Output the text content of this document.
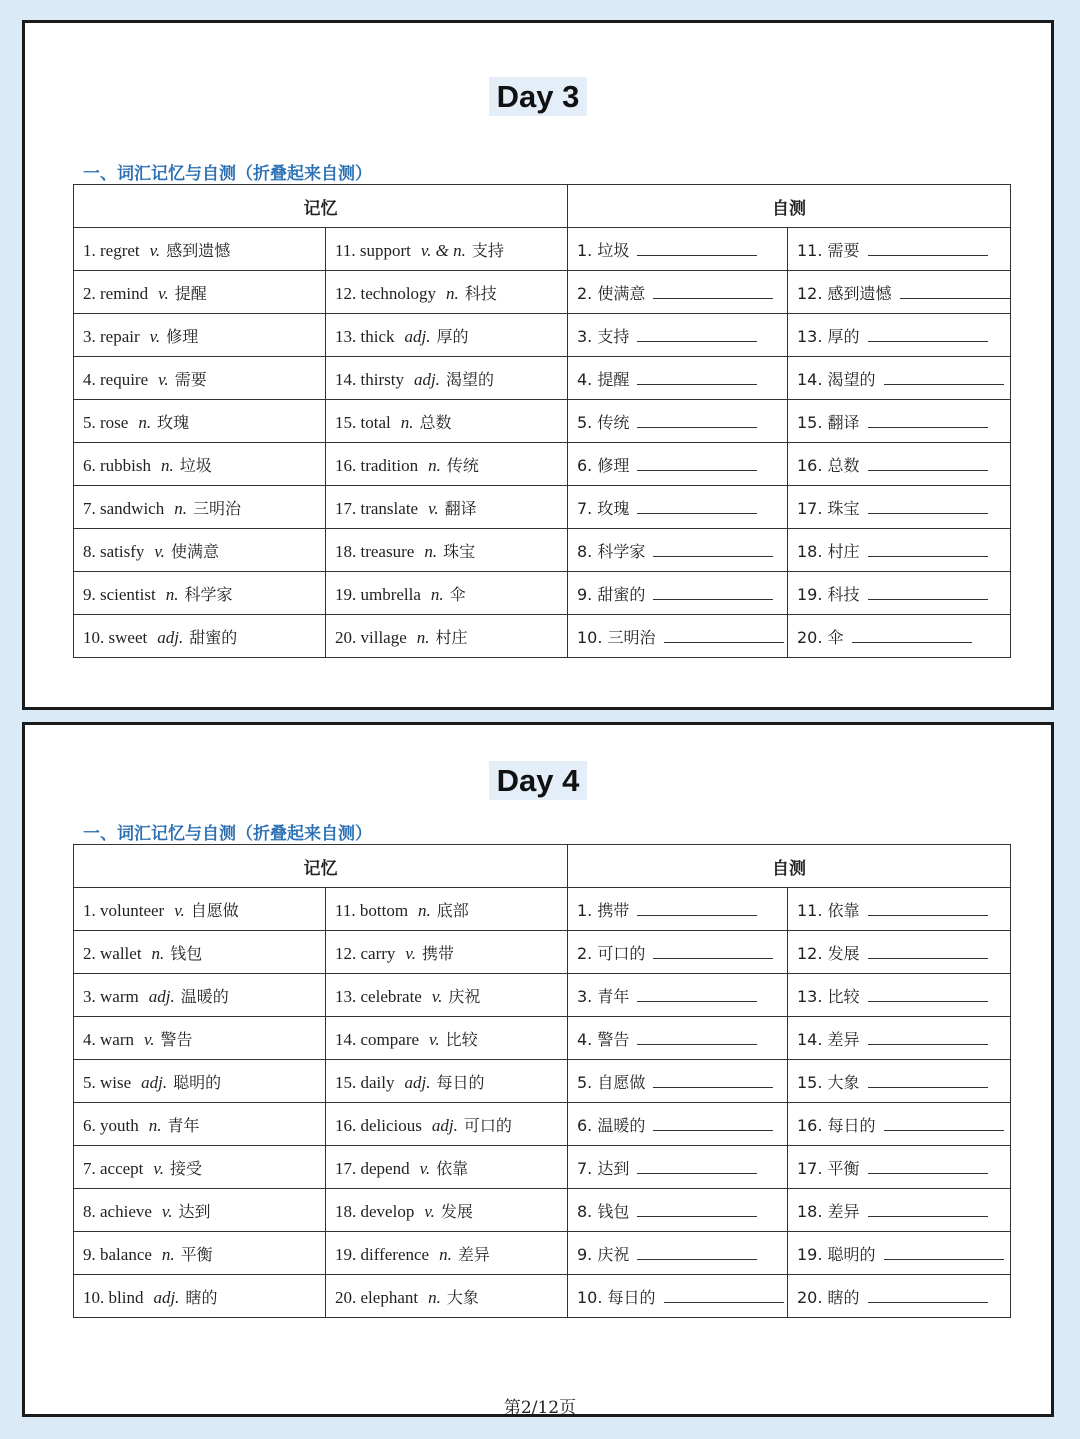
Day 3
一、词汇记忆与自测（折叠起来自测）
记忆		自测	
1. regret v. 感到遗憾	11. support v. & n. 支持	1. 垃圾	11. 需要
2. remind v. 提醒	12. technology n. 科技	2. 使满意	12. 感到遗憾
3. repair v. 修理	13. thick adj. 厚的	3. 支持	13. 厚的
4. require v. 需要	14. thirsty adj. 渴望的	4. 提醒	14. 渴望的
5. rose n. 玫瑰	15. total n. 总数	5. 传统	15. 翻译
6. rubbish n. 垃圾	16. tradition n. 传统	6. 修理	16. 总数
7. sandwich n. 三明治	17. translate v. 翻译	7. 玫瑰	17. 珠宝
8. satisfy v. 使满意	18. treasure n. 珠宝	8. 科学家	18. 村庄
9. scientist n. 科学家	19. umbrella n. 伞	9. 甜蜜的	19. 科技
10. sweet adj. 甜蜜的	20. village n. 村庄	10. 三明治	20. 伞
Day 4
一、词汇记忆与自测（折叠起来自测）
记忆		自测	
1. volunteer v. 自愿做	11. bottom n. 底部	1. 携带	11. 依靠
2. wallet n. 钱包	12. carry v. 携带	2. 可口的	12. 发展
3. warm adj. 温暖的	13. celebrate v. 庆祝	3. 青年	13. 比较
4. warn v. 警告	14. compare v. 比较	4. 警告	14. 差异
5. wise adj. 聪明的	15. daily adj. 每日的	5. 自愿做	15. 大象
6. youth n. 青年	16. delicious adj. 可口的	6. 温暖的	16. 每日的
7. accept v. 接受	17. depend v. 依靠	7. 达到	17. 平衡
8. achieve v. 达到	18. develop v. 发展	8. 钱包	18. 差异
9. balance n. 平衡	19. difference n. 差异	9. 庆祝	19. 聪明的
10. blind adj. 瞎的	20. elephant n. 大象	10. 每日的	20. 瞎的
第2/12页
